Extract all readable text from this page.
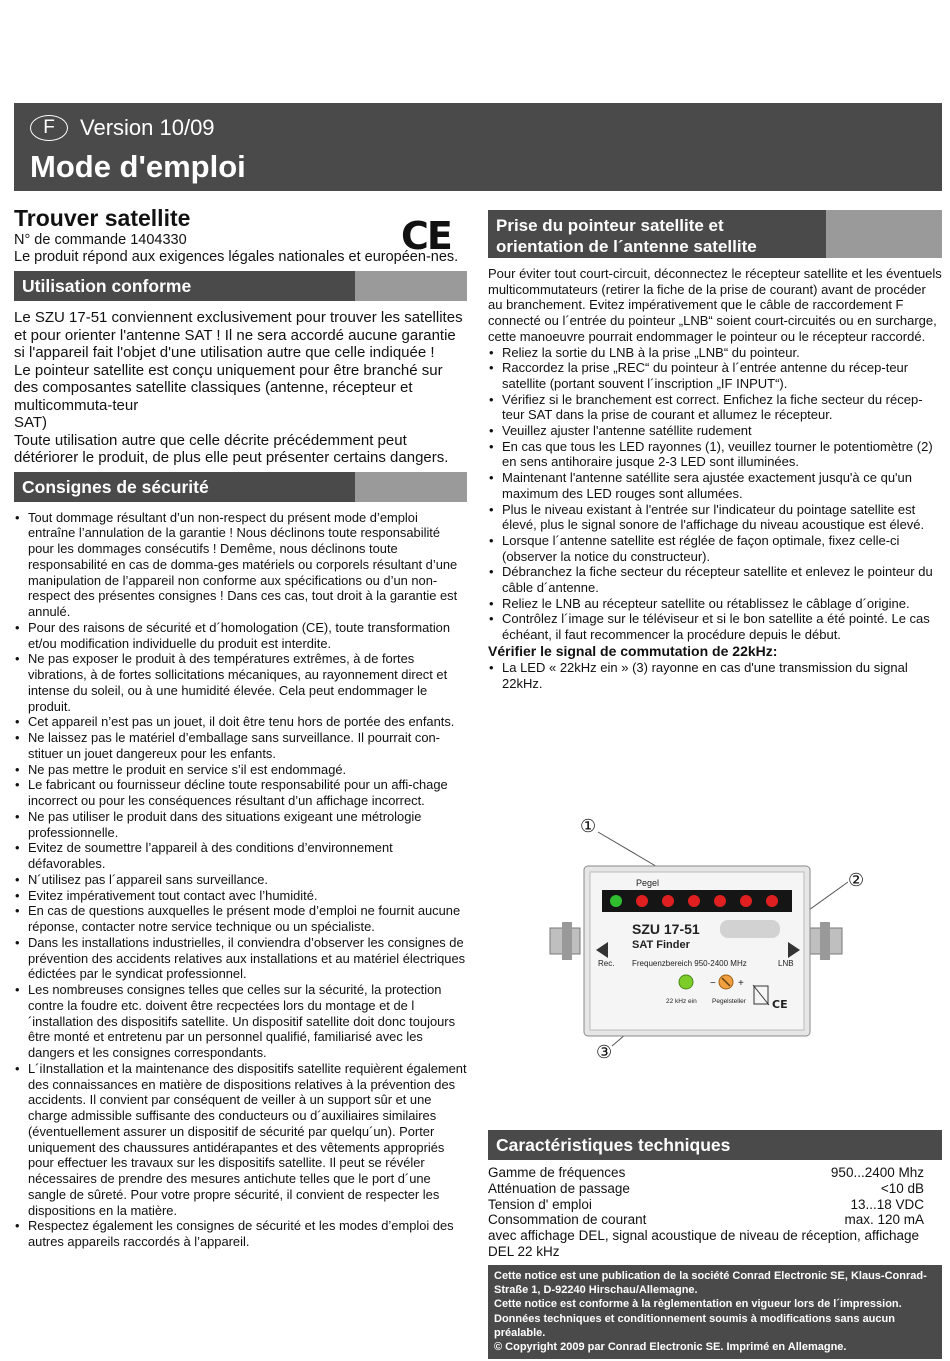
F	Version 10/09
Mode d'emploi
Trouver satellite	CE

N° de commande 1404330

Le produit répond aux exigences légales nationales et européen-nes.

Utilisation conforme

Le SZU 17-51 conviennent exclusivement pour trouver les satellites et pour orienter l'antenne SAT ! Il ne sera accordé aucune garantie si l'appareil fait l'objet d'une utilisation autre que celle indiquée !

Le pointeur satellite est conçu uniquement pour être branché sur des composantes satellite classiques (antenne, récepteur et multicommuta-teur

SAT)

Toute utilisation autre que celle décrite précédemment peut détériorer le produit, de plus elle peut présenter certains dangers.

Consignes de sécurité
• Tout dommage résultant d’un non-respect du présent mode d’emploi entraîne l’annulation de la garantie ! Nous déclinons toute responsabilité pour les dommages consécutifs ! Demême, nous déclinons toute responsabilité en cas de domma-ges matériels ou corporels résultant d’une manipulation de l’appareil non conforme aux spécifications ou d’un non-respect des présentes consignes ! Dans ces cas, tout droit à la garantie est annulé.
• Pour des raisons de sécurité et d´homologation (CE), toute transformation et/ou modification individuelle du produit est interdite.
• Ne pas exposer le produit à des températures extrêmes, à de fortes vibrations, à de fortes sollicitations mécaniques, au rayonnement direct et intense du soleil, ou à une humidité élevée. Cela peut endommager le produit.
• Cet appareil n’est pas un jouet, il doit être tenu hors de portée des enfants.
• Ne laissez pas le matériel d’emballage sans surveillance. Il pourrait con-stituer un jouet dangereux pour les enfants.
• Ne pas mettre le produit en service s’il est endommagé.
• Le fabricant ou fournisseur décline toute responsabilité pour un affi-chage incorrect ou pour les conséquences résultant d’un affichage incorrect.
• Ne pas utiliser le produit dans des situations exigeant une métrologie professionnelle.
• Evitez de soumettre l’appareil à des conditions d’environnement défavorables.
• N´utilisez pas l´appareil sans surveillance.
• Evitez impérativement tout contact avec l’humidité.
• En cas de questions auxquelles le présent mode d’emploi ne fournit aucune réponse, contacter notre service technique ou un spécialiste.
• Dans les installations industrielles, il conviendra d’observer les consignes de prévention des accidents relatives aux installations et au matériel électriques édictées par le syndicat professionnel.
• Les nombreuses consignes telles que celles sur la sécurité, la protection contre la foudre etc. doivent être recpectées lors du montage et de l´installation des dispositifs satellite. Un dispositif satellite doit donc toujours être monté et entretenu par un personnel qualifié, familiarisé avec les dangers et les consignes correspondants.
• L´iInstallation et la maintenance des dispositifs satellite requièrent également des connaissances en matière de dispositions relatives à la prévention des accidents. Il convient par conséquent de veiller à un support sûr et une charge admissible suffisante des conducteurs ou d´auxiliaires similaires (éventuellement assurer un dispositif de sécurité par quelqu´un). Porter uniquement des chaussures antidérapantes et des vêtements appropriés pour effectuer les travaux sur les dispositifs satellite. Il peut se révéler nécessaires de prendre des mesures antichute telles que le port d´une sangle de sûreté. Pour votre propre sécurité, il convient de respecter les dispositions en la matière.
• Respectez également les consignes de sécurité et les modes d’emploi des autres appareils raccordés à l’appareil.
Prise du pointeur satellite et
orientation de l´antenne satellite

Pour éviter tout court-circuit, déconnectez le récepteur satellite et les éventuels multicommutateurs (retirer la fiche de la prise de courant) avant de procéder au branchement. Evitez impérativement que le câble de raccordement F connecté ou l´entrée du pointeur „LNB“ soient court-circuités ou en surcharge, cette manoeuvre pourrait endommager le pointeur ou le récepteur raccordé.

• Reliez la sortie du LNB à la prise „LNB“ du pointeur.
• Raccordez la prise „REC“ du pointeur à l´entrée antenne du récep-teur satellite (portant souvent l´inscription „IF INPUT“).
• Vérifiez si le branchement est correct. Enfichez la fiche secteur du récep-teur SAT dans la prise de courant et allumez le récepteur.
• Veuillez ajuster l'antenne satéllite rudement
• En cas que tous les LED rayonnes (1), veuillez tourner le potentiomètre (2) en sens antihoraire jusque 2-3 LED sont illuminées.
• Maintenant l'antenne satéllite sera ajustée exactement jusqu'à ce qu'un maximum des LED rouges sont allumées.
• Plus le niveau existant à l'entrée sur l'indicateur du pointage satellite est élevé, plus le signal sonore de l'affichage du niveau acoustique est élevé.
• Lorsque l´antenne satellite est réglée de façon optimale, fixez celle-ci (observer la notice du constructeur).
• Débranchez la fiche secteur du récepteur satellite et enlevez le pointeur du câble d´antenne.
• Reliez le LNB au récepteur satellite ou rétablissez le câblage d´origine.
• Contrôlez l´image sur le téléviseur et si le bon satellite a été pointé. Le cas échéant, il faut recommencer la procédure depuis le début.

Vérifier le signal de commutation de 22kHz:

• La LED « 22kHz ein » (3) rayonne en cas d'une transmission du signal 22kHz.
Pegel
SZU 17-51
SAT Finder
Frequenzbereich 950-2400 MHz
Rec.	LNB
22 kHz ein Pegelsteller CE
− +
①
②
③
Caractéristiques techniques
Gamme de fréquences	950...2400 Mhz
Atténuation de passage	<10 dB
Tension d' emploi	13...18 VDC
Consommation de courant	max. 120 mA
avec affichage DEL, signal acoustique de niveau de réception, affichage DEL 22 kHz
Cette notice est une publication de la société Conrad Electronic SE, Klaus-Conrad-Straße 1, D-92240 Hirschau/Allemagne.
Cette notice est conforme à la règlementation en vigueur lors de l´impression. Données techniques et conditionnement soumis à modifications sans aucun préalable.
© Copyright 2009 par Conrad Electronic SE. Imprimé en Allemagne.
